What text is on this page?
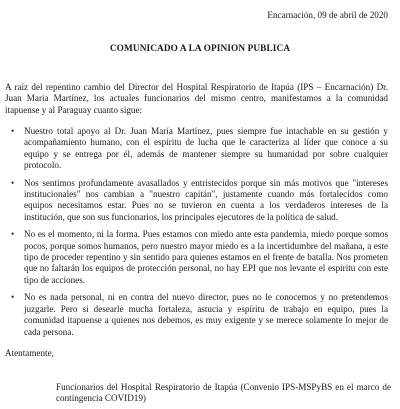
Encarnación, 09 de abril de 2020

COMUNICADO A LA OPINION PUBLICA

A raíz del repentino cambio del Director del Hospital Respiratorio de Itapúa (IPS – Encarnación) Dr. Juan María Martínez, los actuales funcionarios del mismo centro, manifestamos a la comunidad itapuense y al Paraguay cuanto sigue:

• Nuestro total apoyo al Dr. Juan María Martínez, pues siempre fue intachable en su gestión y acompañamiento humano, con el espíritu de lucha que le caracteriza al líder que conoce a su equipo y se entrega por él, además de mantener siempre su humanidad por sobre cualquier protocolo.
• Nos sentimos profundamente avasallados y entristecidos porque sin más motivos que "intereses institucionales" nos cambian a "nuestro capitán", justamente cuando más fortalecidos como equipos necesitamos estar. Pues no se tuvieron en cuenta a los verdaderos intereses de la institución, que son sus funcionarios, los principales ejecutores de la política de salud.
• No es el momento, ni la forma. Pues estamos con miedo ante esta pandemia, miedo porque somos pocos, porque somos humanos, pero nuestro mayor miedo es a la incertidumbre del mañana, a este tipo de proceder repentino y sin sentido para quienes estamos en el frente de batalla. Nos prometen que no faltarán los equipos de protección personal, no hay EPI que nos levante el espíritu con este tipo de acciones.
• No es nada personal, ni en contra del nuevo director, pues no le conocemos y no pretendemos juzgarle. Pero si desearle mucha fortaleza, astucia y espíritu de trabajo en equipo, pues la comunidad itapuense a quienes nos debemos, es muy exigente y se merece solamente lo mejor de cada persona.

Atentamente,

Funcionarios del Hospital Respiratorio de Itapúa (Convenio IPS-MSPyBS en el marco de contingencia COVID19)
